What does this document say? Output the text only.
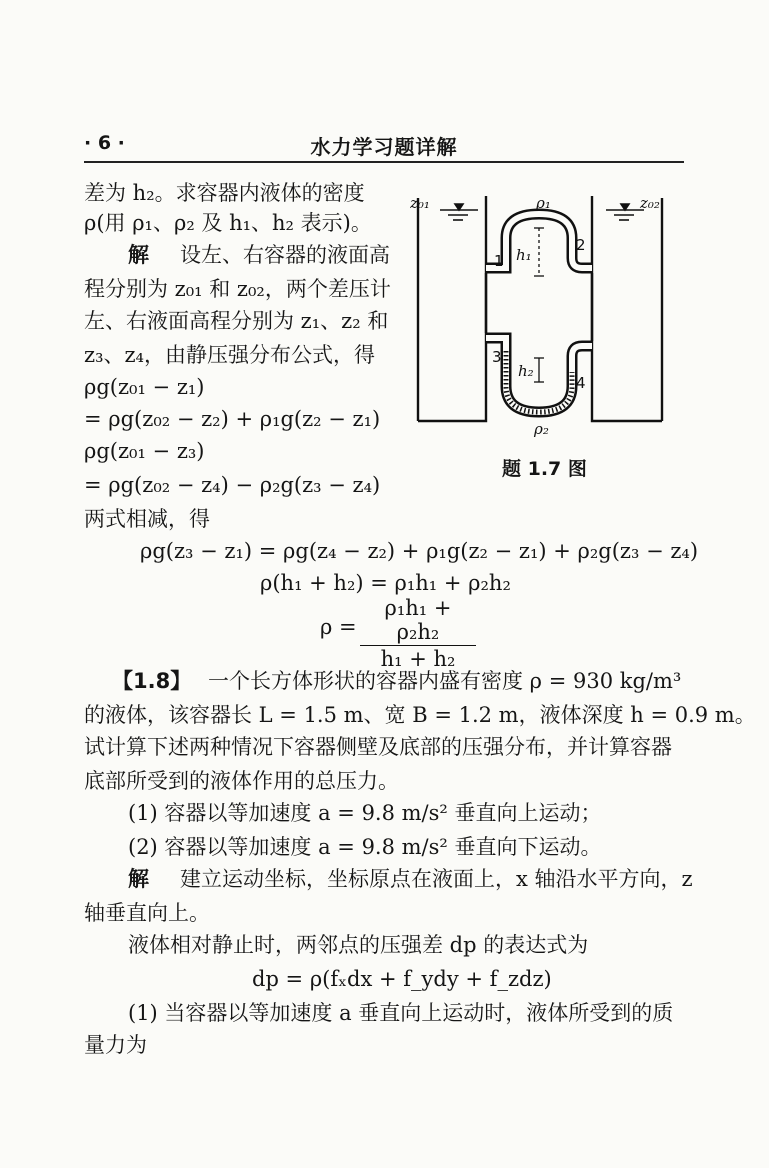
· 6 ·	水力学习题详解
差为 h₂。求容器内液体的密度
ρ(用 ρ₁、ρ₂ 及 h₁、h₂ 表示)。
解 设左、右容器的液面高
程分别为 z₀₁ 和 z₀₂，两个差压计
左、右液面高程分别为 z₁、z₂ 和
z₃、z₄，由静压强分布公式，得
ρg(z₀₁ − z₁)
= ρg(z₀₂ − z₂) + ρ₁g(z₂ − z₁)
ρg(z₀₁ − z₃)
= ρg(z₀₂ − z₄) − ρ₂g(z₃ − z₄)
两式相减，得
z₀₁	z₀₂
ρ₁
ρ₂
h₁
h₂
1
2
3
4
题 1.7 图
ρg(z₃ − z₁) = ρg(z₄ − z₂) + ρ₁g(z₂ − z₁) + ρ₂g(z₃ − z₄)
ρ(h₁ + h₂) = ρ₁h₁ + ρ₂h₂
ρ =
ρ₁h₁ + ρ₂h₂
h₁ + h₂
【1.8】 一个长方体形状的容器内盛有密度 ρ = 930 kg/m³
的液体，该容器长 L = 1.5 m、宽 B = 1.2 m，液体深度 h = 0.9 m。
试计算下述两种情况下容器侧壁及底部的压强分布，并计算容器
底部所受到的液体作用的总压力。
(1) 容器以等加速度 a = 9.8 m/s² 垂直向上运动；
(2) 容器以等加速度 a = 9.8 m/s² 垂直向下运动。
解 建立运动坐标，坐标原点在液面上，x 轴沿水平方向，z
轴垂直向上。
液体相对静止时，两邻点的压强差 dp 的表达式为
dp = ρ(fₓdx + f_ydy + f_zdz)
(1) 当容器以等加速度 a 垂直向上运动时，液体所受到的质
量力为
